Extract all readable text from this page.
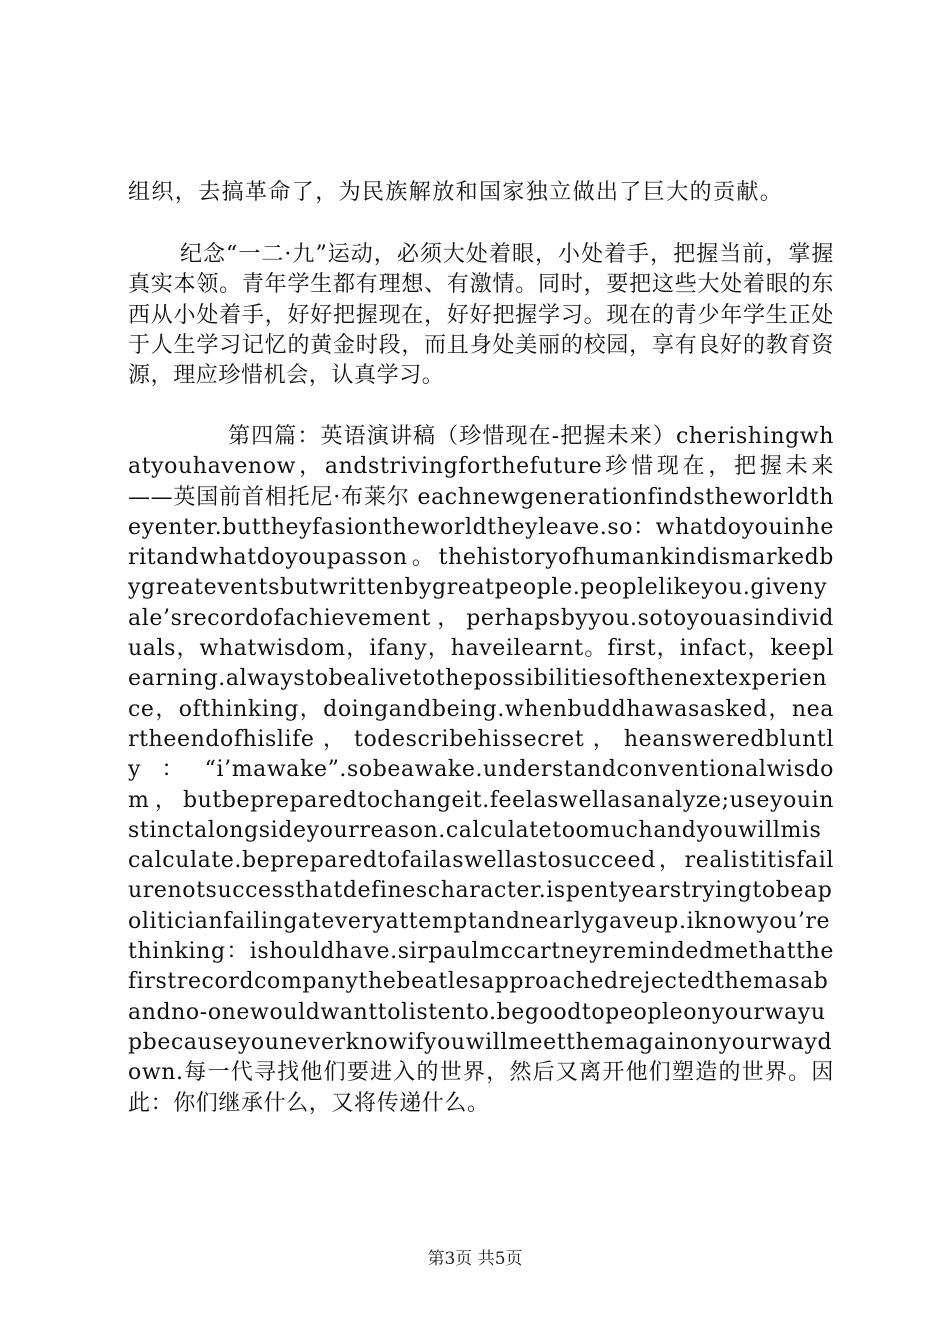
组织，去搞革命了，为民族解放和国家独立做出了巨大的贡献。
纪念“一二·九”运动，必须大处着眼，小处着手，把握当前，掌握真实本领。青年学生都有理想、有激情。同时，要把这些大处着眼的东西从小处着手，好好把握现在，好好把握学习。现在的青少年学生正处于人生学习记忆的黄金时段，而且身处美丽的校园，享有良好的教育资源，理应珍惜机会，认真学习。
第四篇：英语演讲稿（珍惜现在-把握未来）cherishingwhatyouhavenow，andstrivingforthefuture珍惜现在，把握未来——英国前首相托尼·布莱尔 eachnewgenerationfindstheworldtheyenter.buttheyfasiontheworldtheyleave.so：whatdoyouinheritandwhatdoyoupasson。thehistoryofhumankindismarkedbygreateventsbutwrittenbygreatpeople.peoplelikeyou.givenyale’srecordofachievement，perhapsbyyou.sotoyouasindividuals，whatwisdom，ifany，haveilearnt。first，infact，keeplearning.alwaystobealivetothepossibilitiesofthenextexperience，ofthinking，doingandbeing.whenbuddhawasasked，neartheendofhislife，todescribehissecret，heansweredbluntly：“i’mawake”.sobeawake.understandconventionalwisdom，butbepreparedtochangeit.feelaswellasanalyze;useyouinstinctalongsideyourreason.calculatetoomuchandyouwillmiscalculate.bepreparedtofailaswellastosucceed，realistitisfailurenotsuccessthatdefinescharacter.ispentyearstryingtobeapoliticianfailingateveryattemptandnearlygaveup.iknowyou’rethinking：ishouldhave.sirpaulmccartneyremindedmethatthefirstrecordcompanythebeatlesapproachedrejectedthemasabandno-onewouldwanttolistento.begoodtopeopleonyourwayupbecauseyouneverknowifyouwillmeetthemagainonyourwaydown.每一代寻找他们要进入的世界，然后又离开他们塑造的世界。因此：你们继承什么，又将传递什么。
第3页 共5页
